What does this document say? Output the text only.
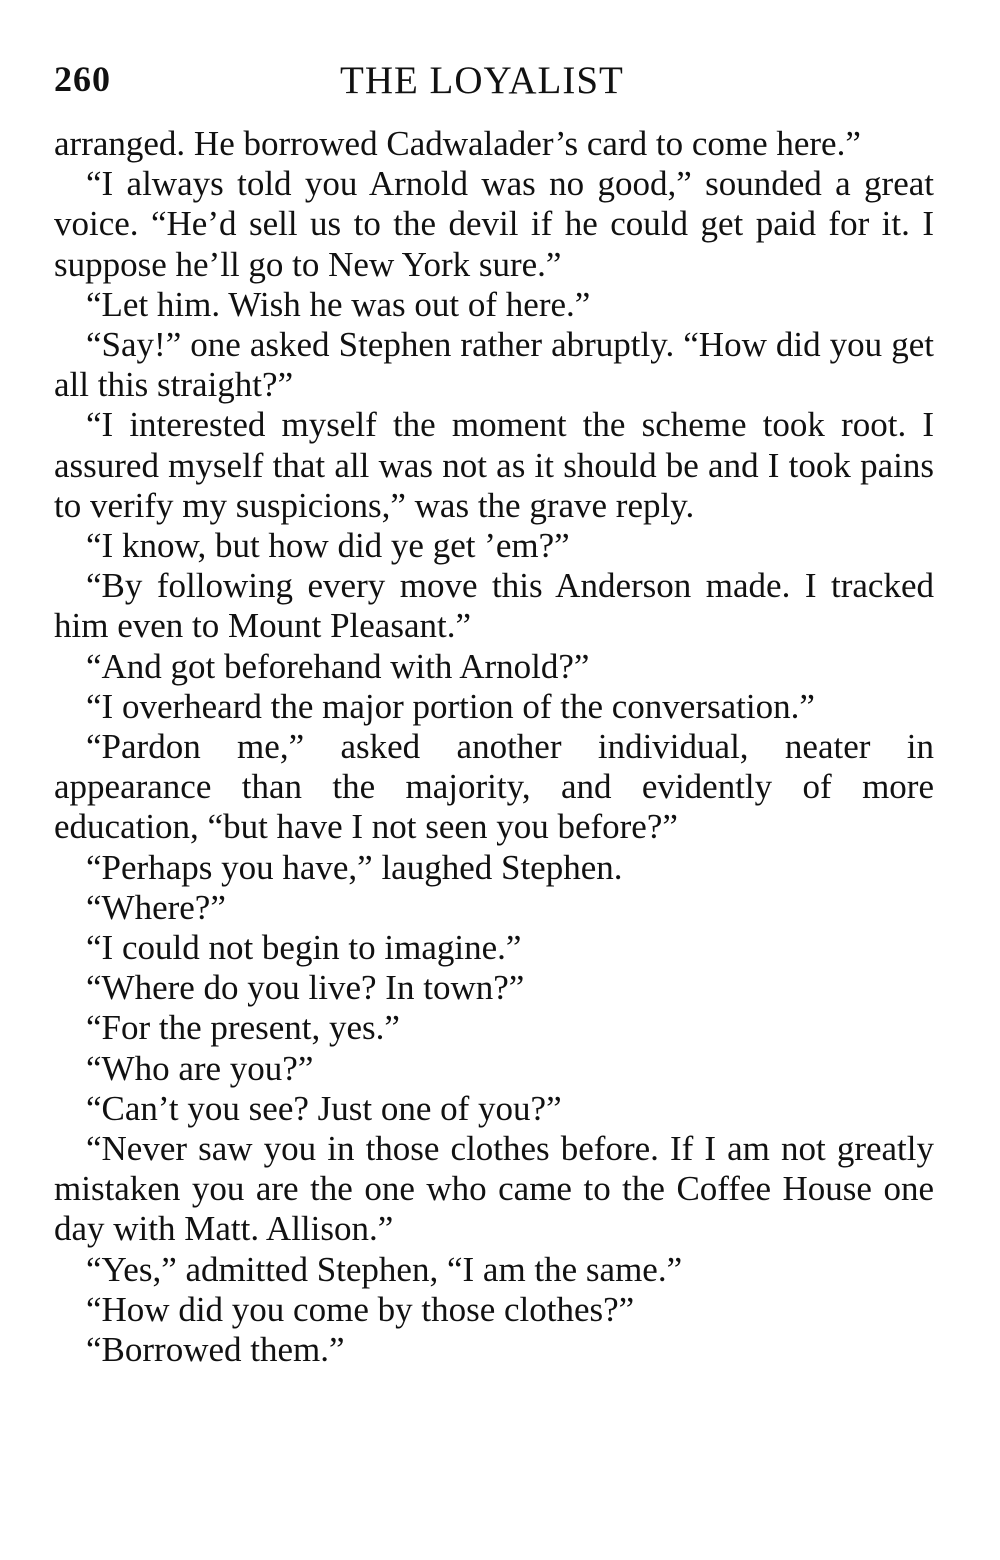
260	THE LOYALIST

arranged. He borrowed Cadwalader’s card to come here.”

“I always told you Arnold was no good,” sounded a great voice. “He’d sell us to the devil if he could get paid for it. I suppose he’ll go to New York sure.”

“Let him. Wish he was out of here.”

“Say!” one asked Stephen rather abruptly. “How did you get all this straight?”

“I interested myself the moment the scheme took root. I assured myself that all was not as it should be and I took pains to verify my suspicions,” was the grave reply.

“I know, but how did ye get ’em?”

“By following every move this Anderson made. I tracked him even to Mount Pleasant.”

“And got beforehand with Arnold?”

“I overheard the major portion of the conversation.”

“Pardon me,” asked another individual, neater in appearance than the majority, and evidently of more education, “but have I not seen you before?”

“Perhaps you have,” laughed Stephen.

“Where?”

“I could not begin to imagine.”

“Where do you live? In town?”

“For the present, yes.”

“Who are you?”

“Can’t you see? Just one of you?”

“Never saw you in those clothes before. If I am not greatly mistaken you are the one who came to the Coffee House one day with Matt. Allison.”

“Yes,” admitted Stephen, “I am the same.”

“How did you come by those clothes?”

“Borrowed them.”
